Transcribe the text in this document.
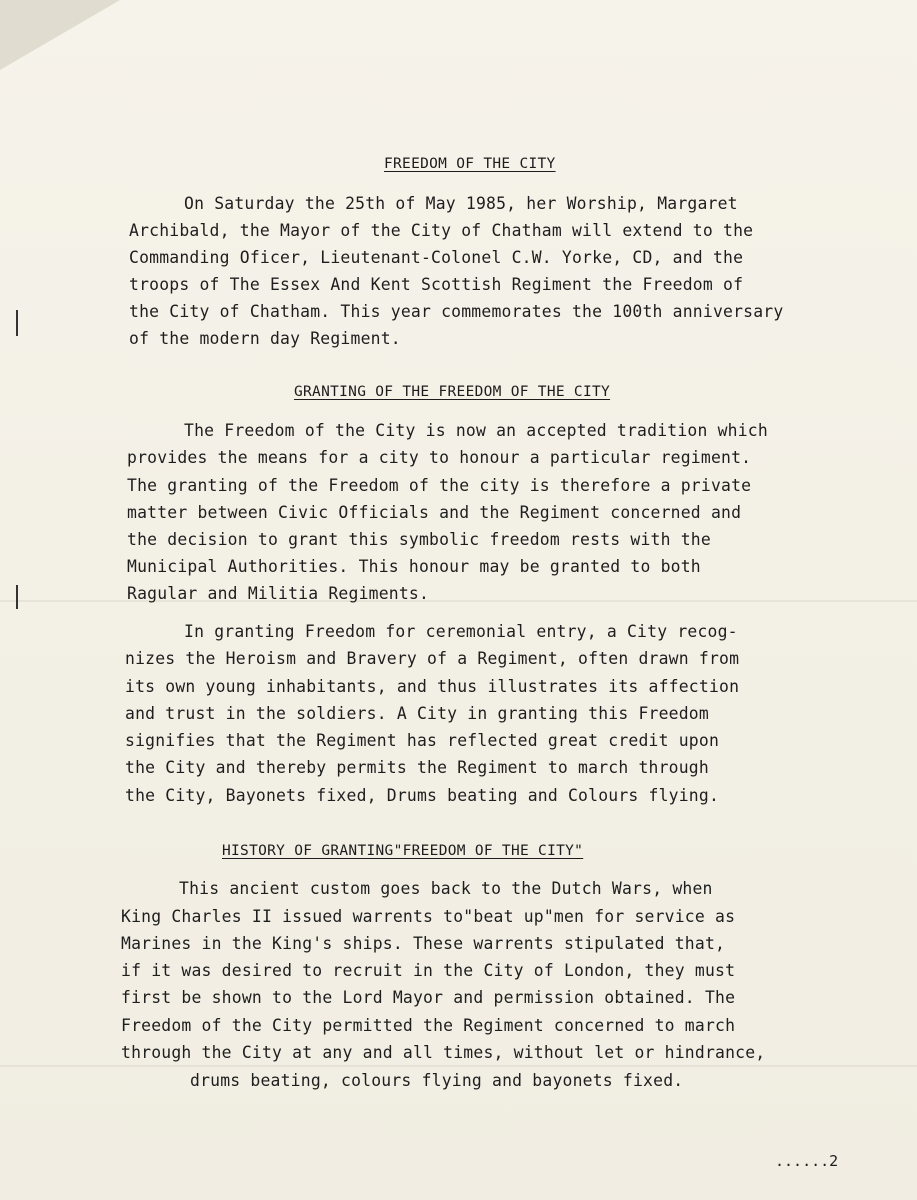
FREEDOM OF THE CITY
On Saturday the 25th of May 1985, her Worship, Margaret
Archibald, the Mayor of the City of Chatham will extend to the
Commanding Oficer, Lieutenant-Colonel C.W. Yorke, CD, and the
troops of The Essex And Kent Scottish Regiment the Freedom of
the City of Chatham. This year commemorates the 100th anniversary
of the modern day Regiment.
GRANTING OF THE FREEDOM OF THE CITY
The Freedom of the City is now an accepted tradition which
provides the means for a city to honour a particular regiment.
The granting of the Freedom of the city is therefore a private
matter between Civic Officials and the Regiment concerned and
the decision to grant this symbolic freedom rests with the
Municipal Authorities. This honour may be granted to both
Ragular and Militia Regiments.
In granting Freedom for ceremonial entry, a City recog-
nizes the Heroism and Bravery of a Regiment, often drawn from
its own young inhabitants, and thus illustrates its affection
and trust in the soldiers. A City in granting this Freedom
signifies that the Regiment has reflected great credit upon
the City and thereby permits the Regiment to march through
the City, Bayonets fixed, Drums beating and Colours flying.
HISTORY OF GRANTING"FREEDOM OF THE CITY"
This ancient custom goes back to the Dutch Wars, when
King Charles II issued warrents to"beat up"men for service as
Marines in the King's ships. These warrents stipulated that,
if it was desired to recruit in the City of London, they must
first be shown to the Lord Mayor and permission obtained. The
Freedom of the City permitted the Regiment concerned to march
through the City at any and all times, without let or hindrance,
drums beating, colours flying and bayonets fixed.
......2
